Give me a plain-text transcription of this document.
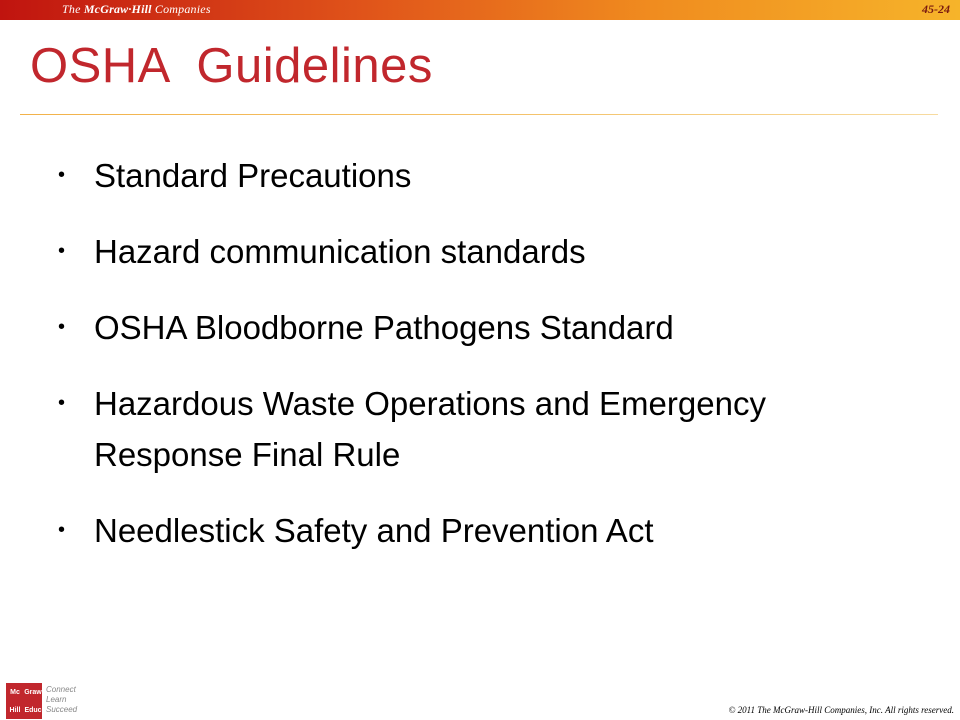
The McGraw·Hill Companies	45-24
OSHA  Guidelines
• Standard Precautions
• Hazard communication standards
• OSHA Bloodborne Pathogens Standard
• Hazardous Waste Operations and Emergency Response Final Rule
• Needlestick Safety and Prevention Act
Mc Graw
Hill Educ
Connect
Learn
Succeed	© 2011 The McGraw-Hill Companies, Inc. All rights reserved.
